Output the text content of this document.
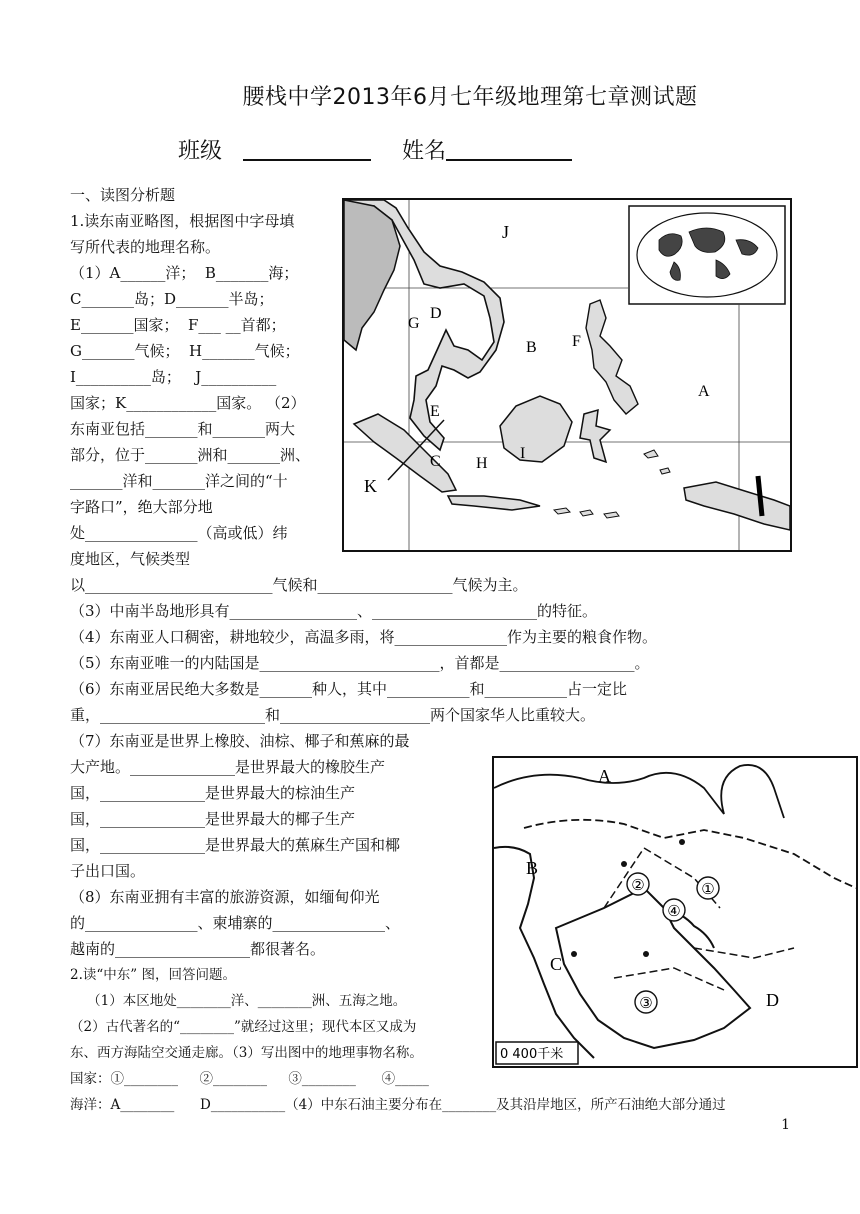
腰栈中学2013年6月七年级地理第七章测试题
班级	姓名
一、读图分析题
1.读东南亚略图，根据图中字母填
写所代表的地理名称。
（1）A______洋；  B_______海；
C_______岛；D_______半岛；
E_______国家；  F___ __首都；
G_______气候；  H_______气候；
I__________岛；   J__________
国家；K____________国家。 （2）
东南亚包括_______和_______两大
部分，位于_______洲和_______洲、
_______洋和_______洋之间的“十
字路口”，绝大部分地
处_______________（高或低）纬
度地区，气候类型
以_________________________气候和__________________气候为主。
（3）中南半岛地形具有_________________、______________________的特征。
（4）东南亚人口稠密，耕地较少，高温多雨，将_______________作为主要的粮食作物。
（5）东南亚唯一的内陆国是________________________，首都是__________________。
（6）东南亚居民绝大多数是_______种人，其中___________和___________占一定比
重，______________________和____________________两个国家华人比重较大。
（7）东南亚是世界上橡胶、油棕、椰子和蕉麻的最
大产地。______________是世界最大的橡胶生产
国，______________是世界最大的棕油生产
国，______________是世界最大的椰子生产
国，______________是世界最大的蕉麻生产国和椰
子出口国。
（8）东南亚拥有丰富的旅游资源，如缅甸仰光
的_______________、柬埔寨的_______________、
越南的__________________都很著名。
2.读“中东” 图，回答问题。
（1）本区地处________洋、________洲、五海之地。
（2）古代著名的“________”就经过这里；现代本区又成为
东、西方海陆空交通走廊。（3）写出图中的地理事物名称。
国家：①________     ②________     ③________      ④_____
海洋：A________      D___________（4）中东石油主要分布在________及其沿岸地区，所产石油绝大部分通过
J
D
G
B F
A
E
C H
I
K
①
②
④
③
A
B
C
D
0 400千米
1
